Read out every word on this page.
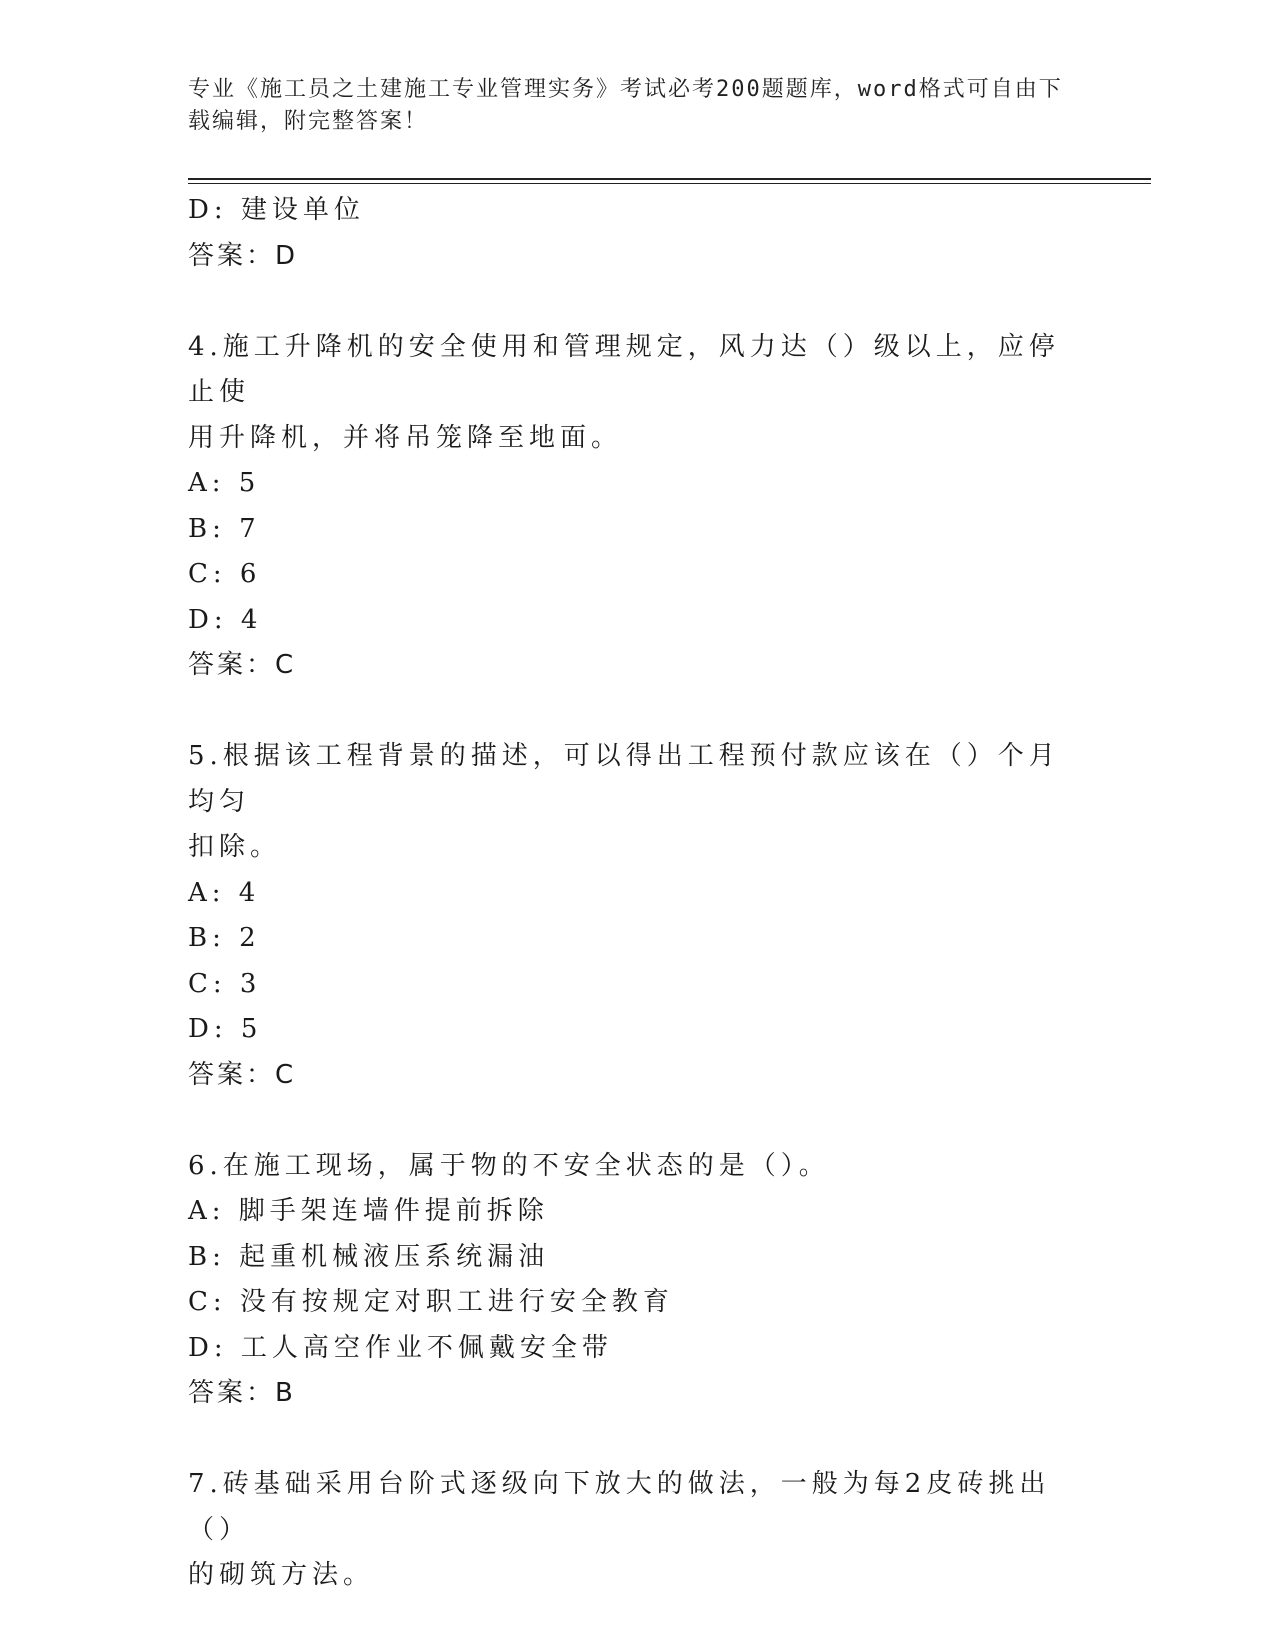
专业《施工员之土建施工专业管理实务》考试必考200题题库，word格式可自由下载编辑，附完整答案！
D: 建设单位
答案：D
4.施工升降机的安全使用和管理规定，风力达（）级以上，应停止使
用升降机，并将吊笼降至地面。
A: 5
B: 7
C: 6
D: 4
答案：C
5.根据该工程背景的描述，可以得出工程预付款应该在（）个月均匀
扣除。
A: 4
B: 2
C: 3
D: 5
答案：C
6.在施工现场，属于物的不安全状态的是（）。
A: 脚手架连墙件提前拆除
B: 起重机械液压系统漏油
C: 没有按规定对职工进行安全教育
D: 工人高空作业不佩戴安全带
答案：B
7.砖基础采用台阶式逐级向下放大的做法，一般为每2皮砖挑出（）
的砌筑方法。
